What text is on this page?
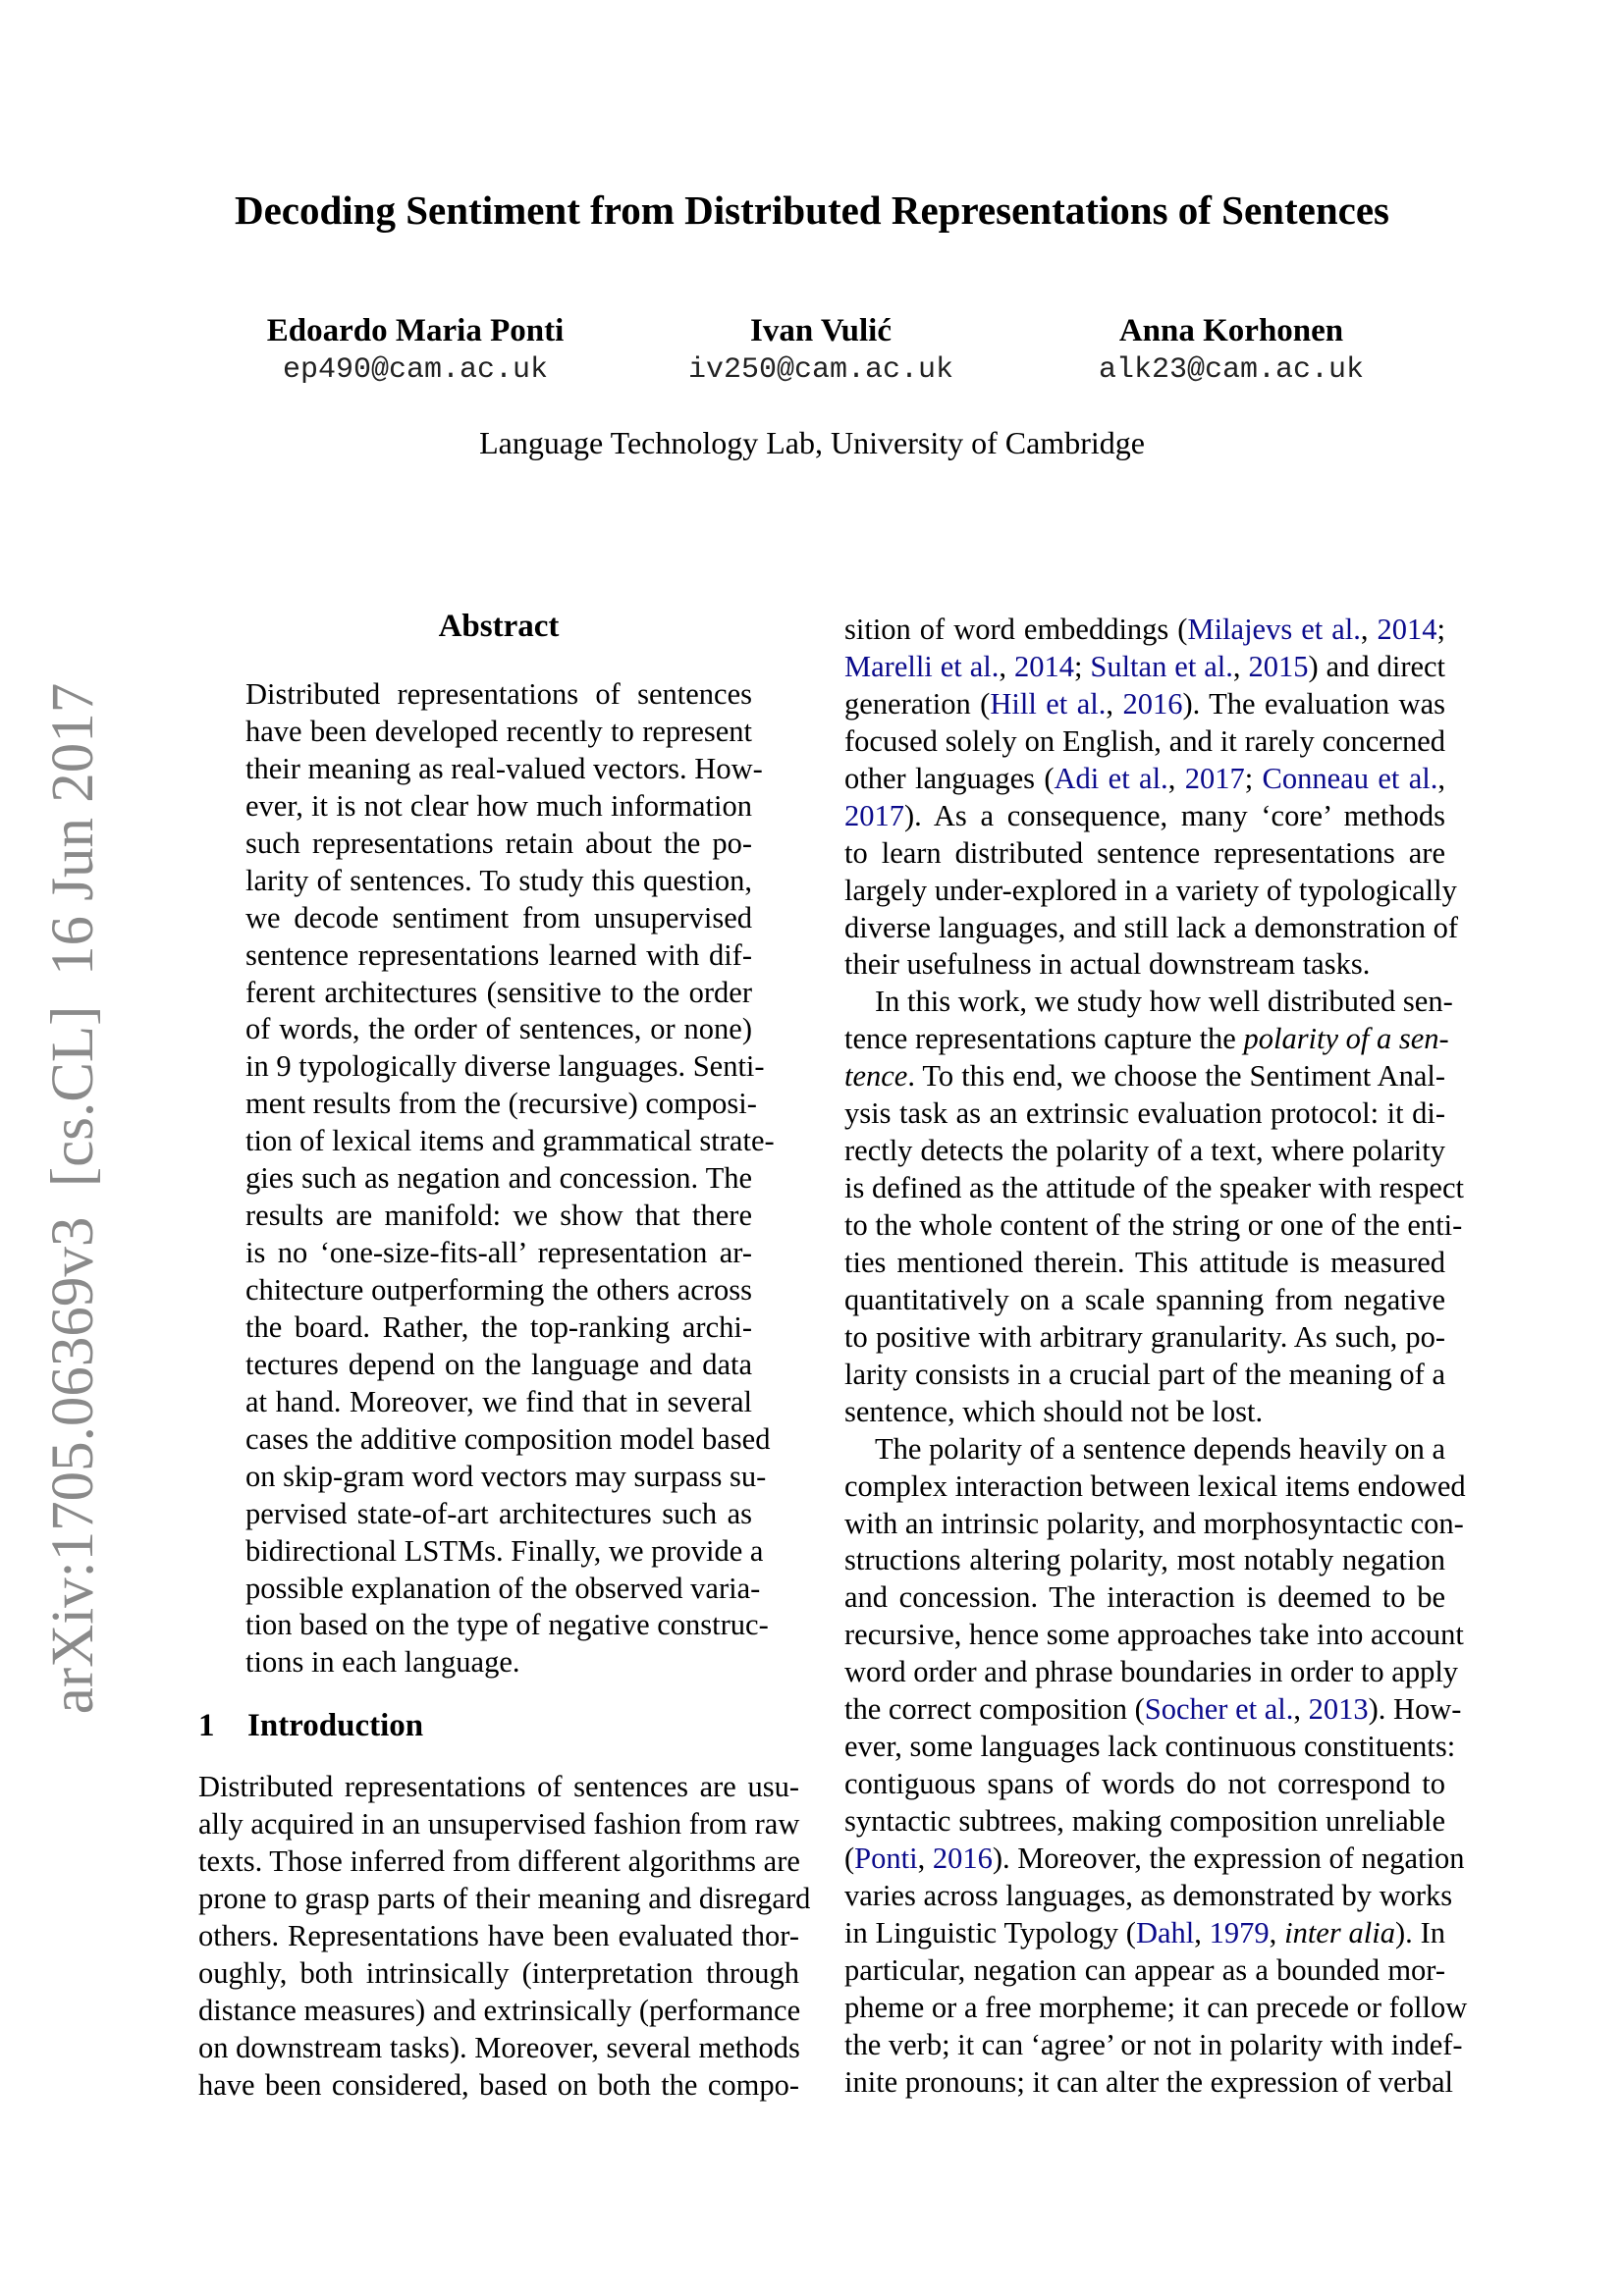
arXiv:1705.06369v3  [cs.CL]  16 Jun 2017
Decoding Sentiment from Distributed Representations of Sentences
Edoardo Maria Ponti
ep490@cam.ac.uk
Ivan Vulić
iv250@cam.ac.uk
Anna Korhonen
alk23@cam.ac.uk
Language Technology Lab, University of Cambridge
Abstract
Distributed representations of sentences
have been developed recently to represent
their meaning as real-valued vectors. How-
ever, it is not clear how much information
such representations retain about the po-
larity of sentences. To study this question,
we decode sentiment from unsupervised
sentence representations learned with dif-
ferent architectures (sensitive to the order
of words, the order of sentences, or none)
in 9 typologically diverse languages. Senti-
ment results from the (recursive) composi-
tion of lexical items and grammatical strate-
gies such as negation and concession. The
results are manifold: we show that there
is no ‘one-size-fits-all’ representation ar-
chitecture outperforming the others across
the board. Rather, the top-ranking archi-
tectures depend on the language and data
at hand. Moreover, we find that in several
cases the additive composition model based
on skip-gram word vectors may surpass su-
pervised state-of-art architectures such as
bidirectional LSTMs. Finally, we provide a
possible explanation of the observed varia-
tion based on the type of negative construc-
tions in each language.
1 Introduction
Distributed representations of sentences are usu-
ally acquired in an unsupervised fashion from raw
texts. Those inferred from different algorithms are
prone to grasp parts of their meaning and disregard
others. Representations have been evaluated thor-
oughly, both intrinsically (interpretation through
distance measures) and extrinsically (performance
on downstream tasks). Moreover, several methods
have been considered, based on both the compo-
sition of word embeddings (Milajevs et al., 2014;
Marelli et al., 2014; Sultan et al., 2015) and direct
generation (Hill et al., 2016). The evaluation was
focused solely on English, and it rarely concerned
other languages (Adi et al., 2017; Conneau et al.,
2017). As a consequence, many ‘core’ methods
to learn distributed sentence representations are
largely under-explored in a variety of typologically
diverse languages, and still lack a demonstration of
their usefulness in actual downstream tasks.
In this work, we study how well distributed sen-
tence representations capture the polarity of a sen-
tence. To this end, we choose the Sentiment Anal-
ysis task as an extrinsic evaluation protocol: it di-
rectly detects the polarity of a text, where polarity
is defined as the attitude of the speaker with respect
to the whole content of the string or one of the enti-
ties mentioned therein. This attitude is measured
quantitatively on a scale spanning from negative
to positive with arbitrary granularity. As such, po-
larity consists in a crucial part of the meaning of a
sentence, which should not be lost.
The polarity of a sentence depends heavily on a
complex interaction between lexical items endowed
with an intrinsic polarity, and morphosyntactic con-
structions altering polarity, most notably negation
and concession. The interaction is deemed to be
recursive, hence some approaches take into account
word order and phrase boundaries in order to apply
the correct composition (Socher et al., 2013). How-
ever, some languages lack continuous constituents:
contiguous spans of words do not correspond to
syntactic subtrees, making composition unreliable
(Ponti, 2016). Moreover, the expression of negation
varies across languages, as demonstrated by works
in Linguistic Typology (Dahl, 1979, inter alia). In
particular, negation can appear as a bounded mor-
pheme or a free morpheme; it can precede or follow
the verb; it can ‘agree’ or not in polarity with indef-
inite pronouns; it can alter the expression of verbal
